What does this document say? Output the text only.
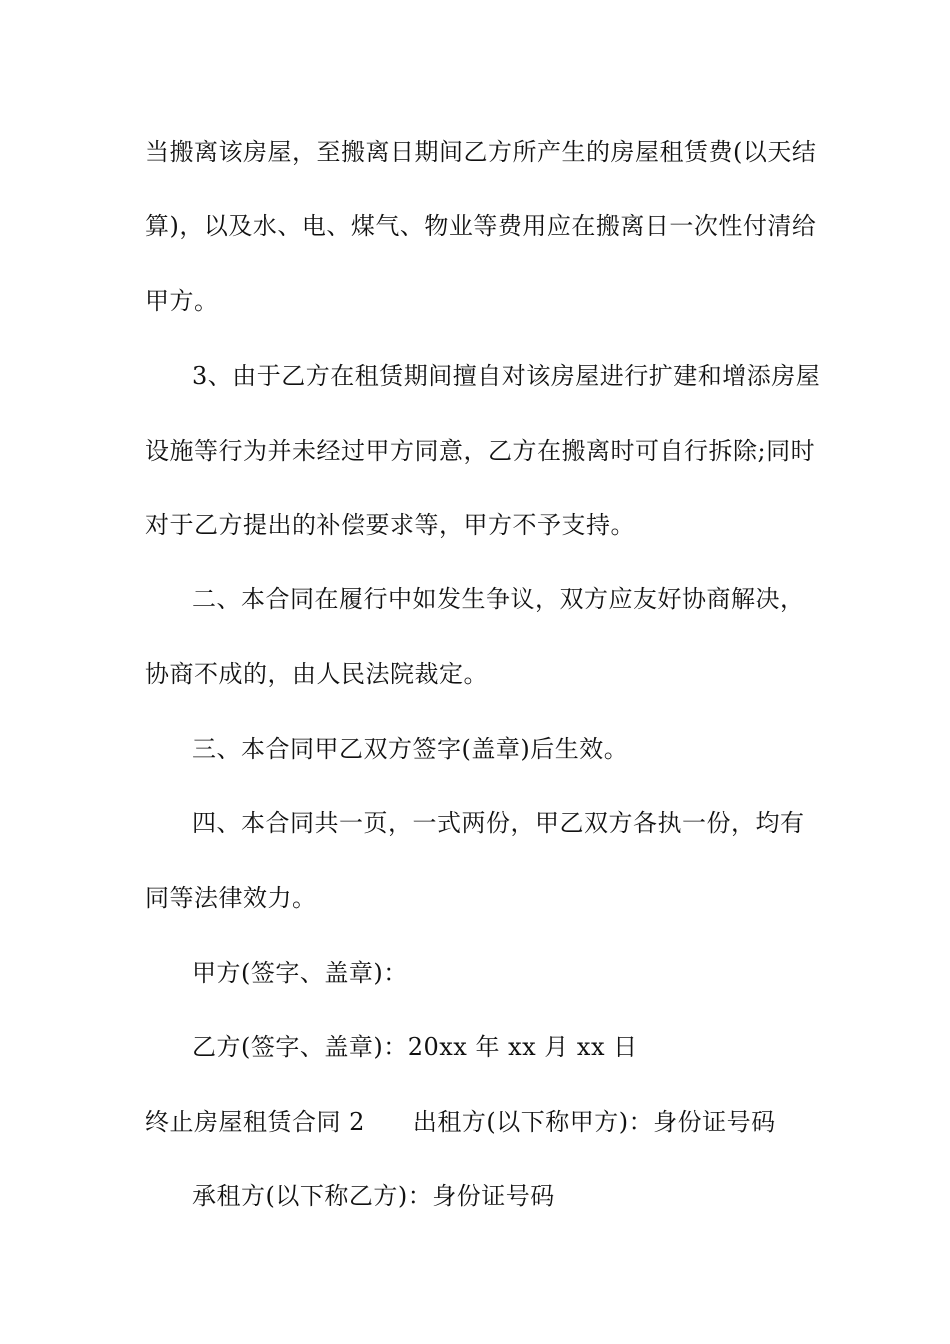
当搬离该房屋，至搬离日期间乙方所产生的房屋租赁费(以天结
算)，以及水、电、煤气、物业等费用应在搬离日一次性付清给
甲方。
3、由于乙方在租赁期间擅自对该房屋进行扩建和增添房屋
设施等行为并未经过甲方同意，乙方在搬离时可自行拆除;同时
对于乙方提出的补偿要求等，甲方不予支持。
二、本合同在履行中如发生争议，双方应友好协商解决，
协商不成的，由人民法院裁定。
三、本合同甲乙双方签字(盖章)后生效。
四、本合同共一页，一式两份，甲乙双方各执一份，均有
同等法律效力。
甲方(签字、盖章)：
乙方(签字、盖章)：20xx 年 xx 月 xx 日
终止房屋租赁合同 2 出租方(以下称甲方)：身份证号码
承租方(以下称乙方)：身份证号码
